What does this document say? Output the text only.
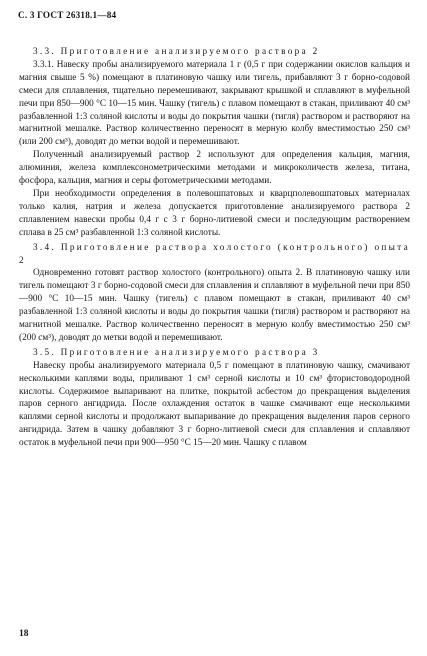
С. 3 ГОСТ 26318.1—84

3.3. Приготовление анализируемого раствора 2

3.3.1. Навеску пробы анализируемого материала 1 г (0,5 г при содержании окислов кальция и магния свыше 5 %) помещают в платиновую чашку или тигель, прибавляют 3 г борно-содовой смеси для сплавления, тщательно перемешивают, закрывают крышкой и сплавляют в муфельной печи при 850—900 °С 10—15 мин. Чашку (тигель) с плавом помещают в стакан, приливают 40 см³ разбавленной 1:3 соляной кислоты и воды до покрытия чашки (тигля) раствором и растворяют на магнитной мешалке. Раствор количественно переносят в мерную колбу вместимостью 250 см³ (или 200 см³), доводят до метки водой и перемешивают.

Полученный анализируемый раствор 2 используют для определения кальция, магния, алюминия, железа комплексонометрическими методами и микроколичеств железа, титана, фосфора, кальция, магния и серы фотометрическими методами.

При необходимости определения в полевошпатовых и кварцполевошпатовых материалах только калия, натрия и железа допускается приготовление анализируемого раствора 2 сплавлением навески пробы 0,4 г с 3 г борно-литиевой смеси и последующим растворением сплава в 25 см³ разбавленной 1:3 соляной кислоты.

3.4. Приготовление раствора холостого (контрольного) опыта 2

Одновременно готовят раствор холостого (контрольного) опыта 2. В платиновую чашку или тигель помещают 3 г борно-содовой смеси для сплавления и сплавляют в муфельной печи при 850—900 °С 10—15 мин. Чашку (тигель) с плавом помещают в стакан, приливают 40 см³ разбавленной 1:3 соляной кислоты и воды до покрытия чашки (тигля) раствором и растворяют на магнитной мешалке. Раствор количественно переносят в мерную колбу вместимостью 250 см³ (200 см³), доводят до метки водой и перемешивают.

3.5. Приготовление анализируемого раствора 3

Навеску пробы анализируемого материала 0,5 г помещают в платиновую чашку, смачивают несколькими каплями воды, приливают 1 см³ серной кислоты и 10 см³ фтористоводородной кислоты. Содержимое выпаривают на плитке, покрытой асбестом до прекращения выделения паров серного ангидрида. После охлаждения остаток в чашке смачивают еще несколькими каплями серной кислоты и продолжают выпаривание до прекращения выделения паров серного ангидрида. Затем в чашку добавляют 3 г борно-литиевой смеси для сплавления и сплавляют остаток в муфельной печи при 900—950 °С 15—20 мин. Чашку с плавом

18
